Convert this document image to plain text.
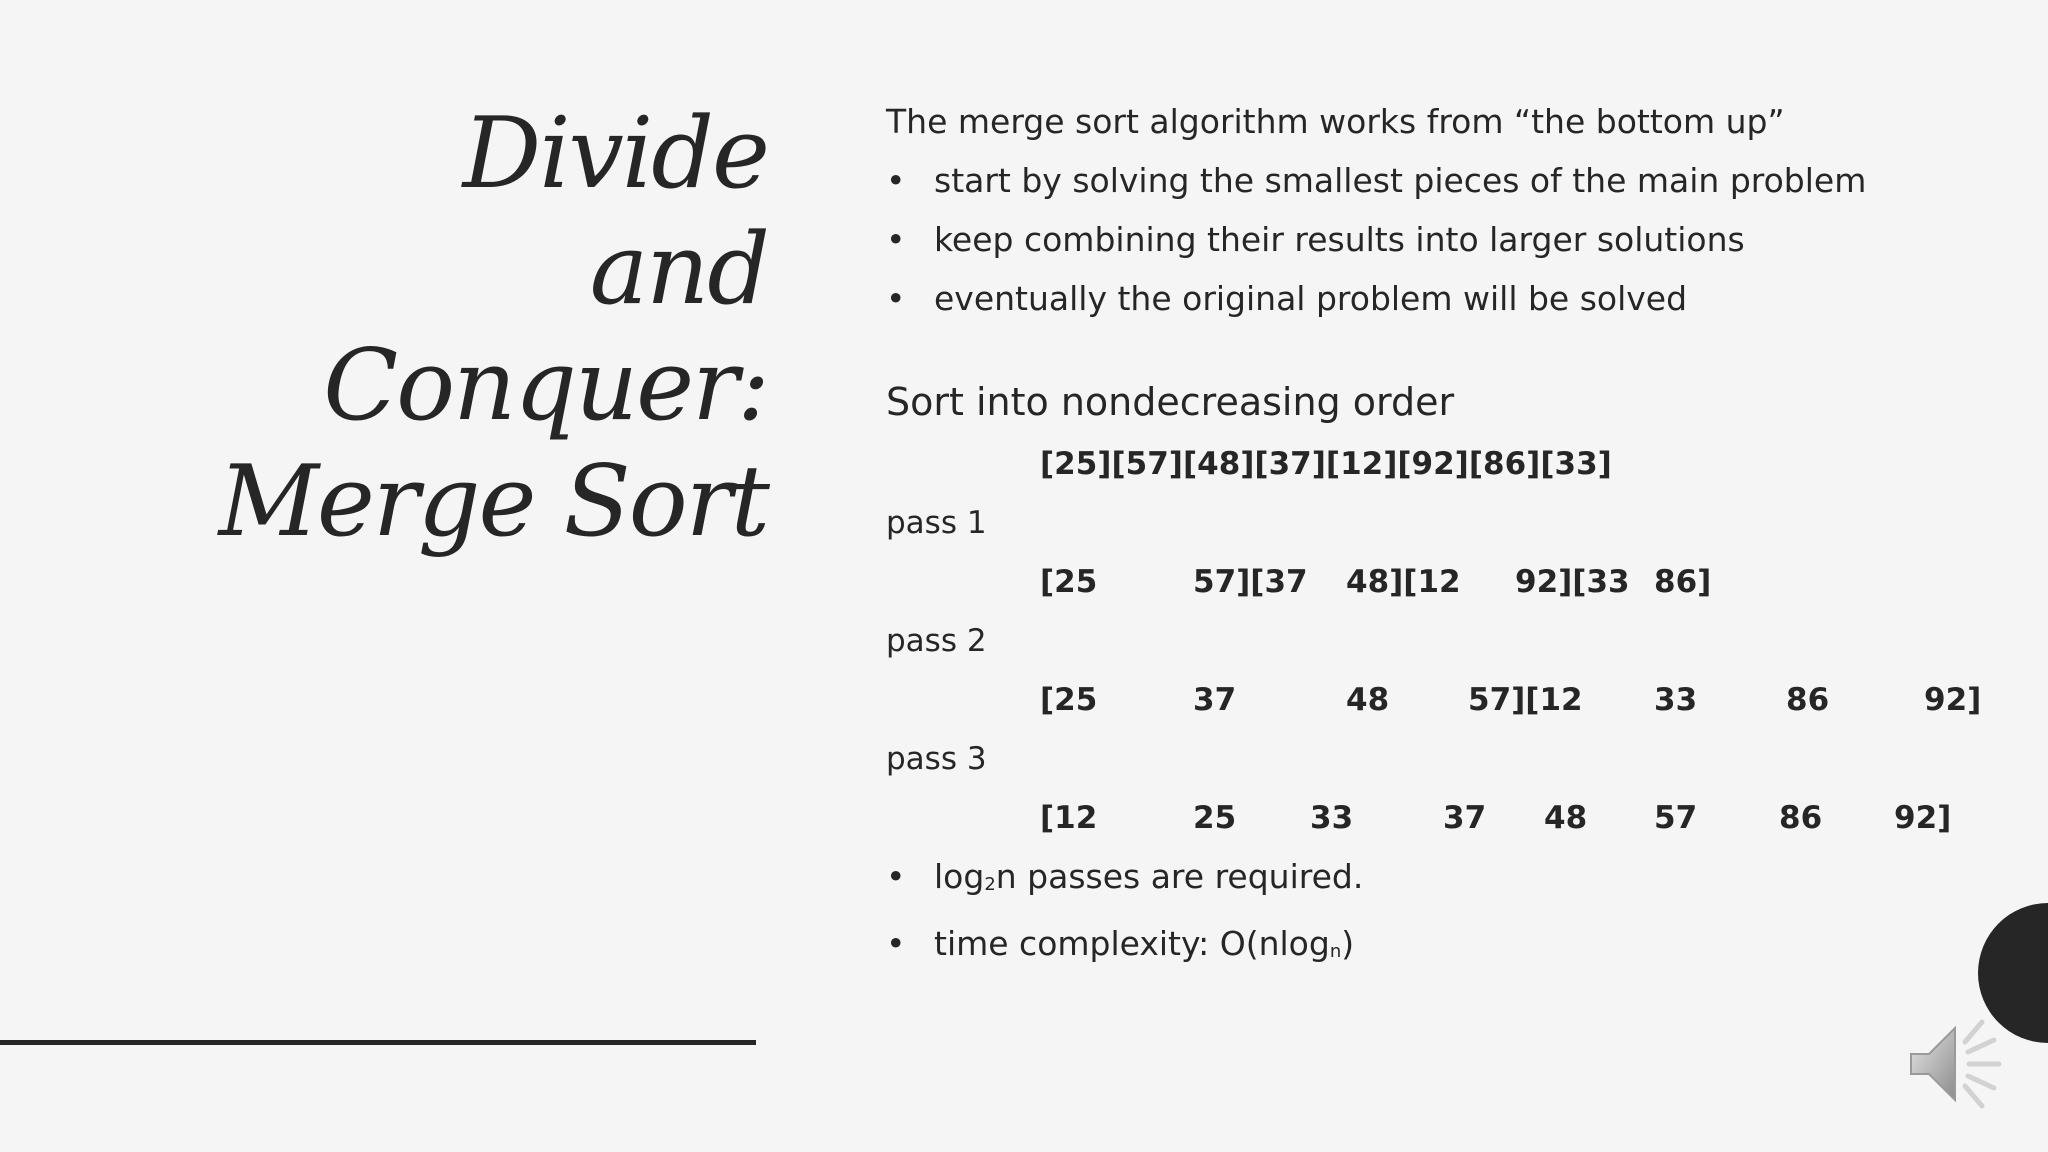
Divide
and
Conquer:
Merge Sort
The merge sort algorithm works from “the bottom up”
• start by solving the smallest pieces of the main problem
• keep combining their results into larger solutions
• eventually the original problem will be solved
Sort into nondecreasing order
[25][57][48][37][12][92][86][33]
pass 1
[25	57][37 48][12 92][33 86]
pass 2
[25	37	48	57][12 33	86	92]
pass 3
[12	25 33	37 48 57	86 92]
• $\log_2n$ passes are required.
• time complexity: O(nlog$_n$)
